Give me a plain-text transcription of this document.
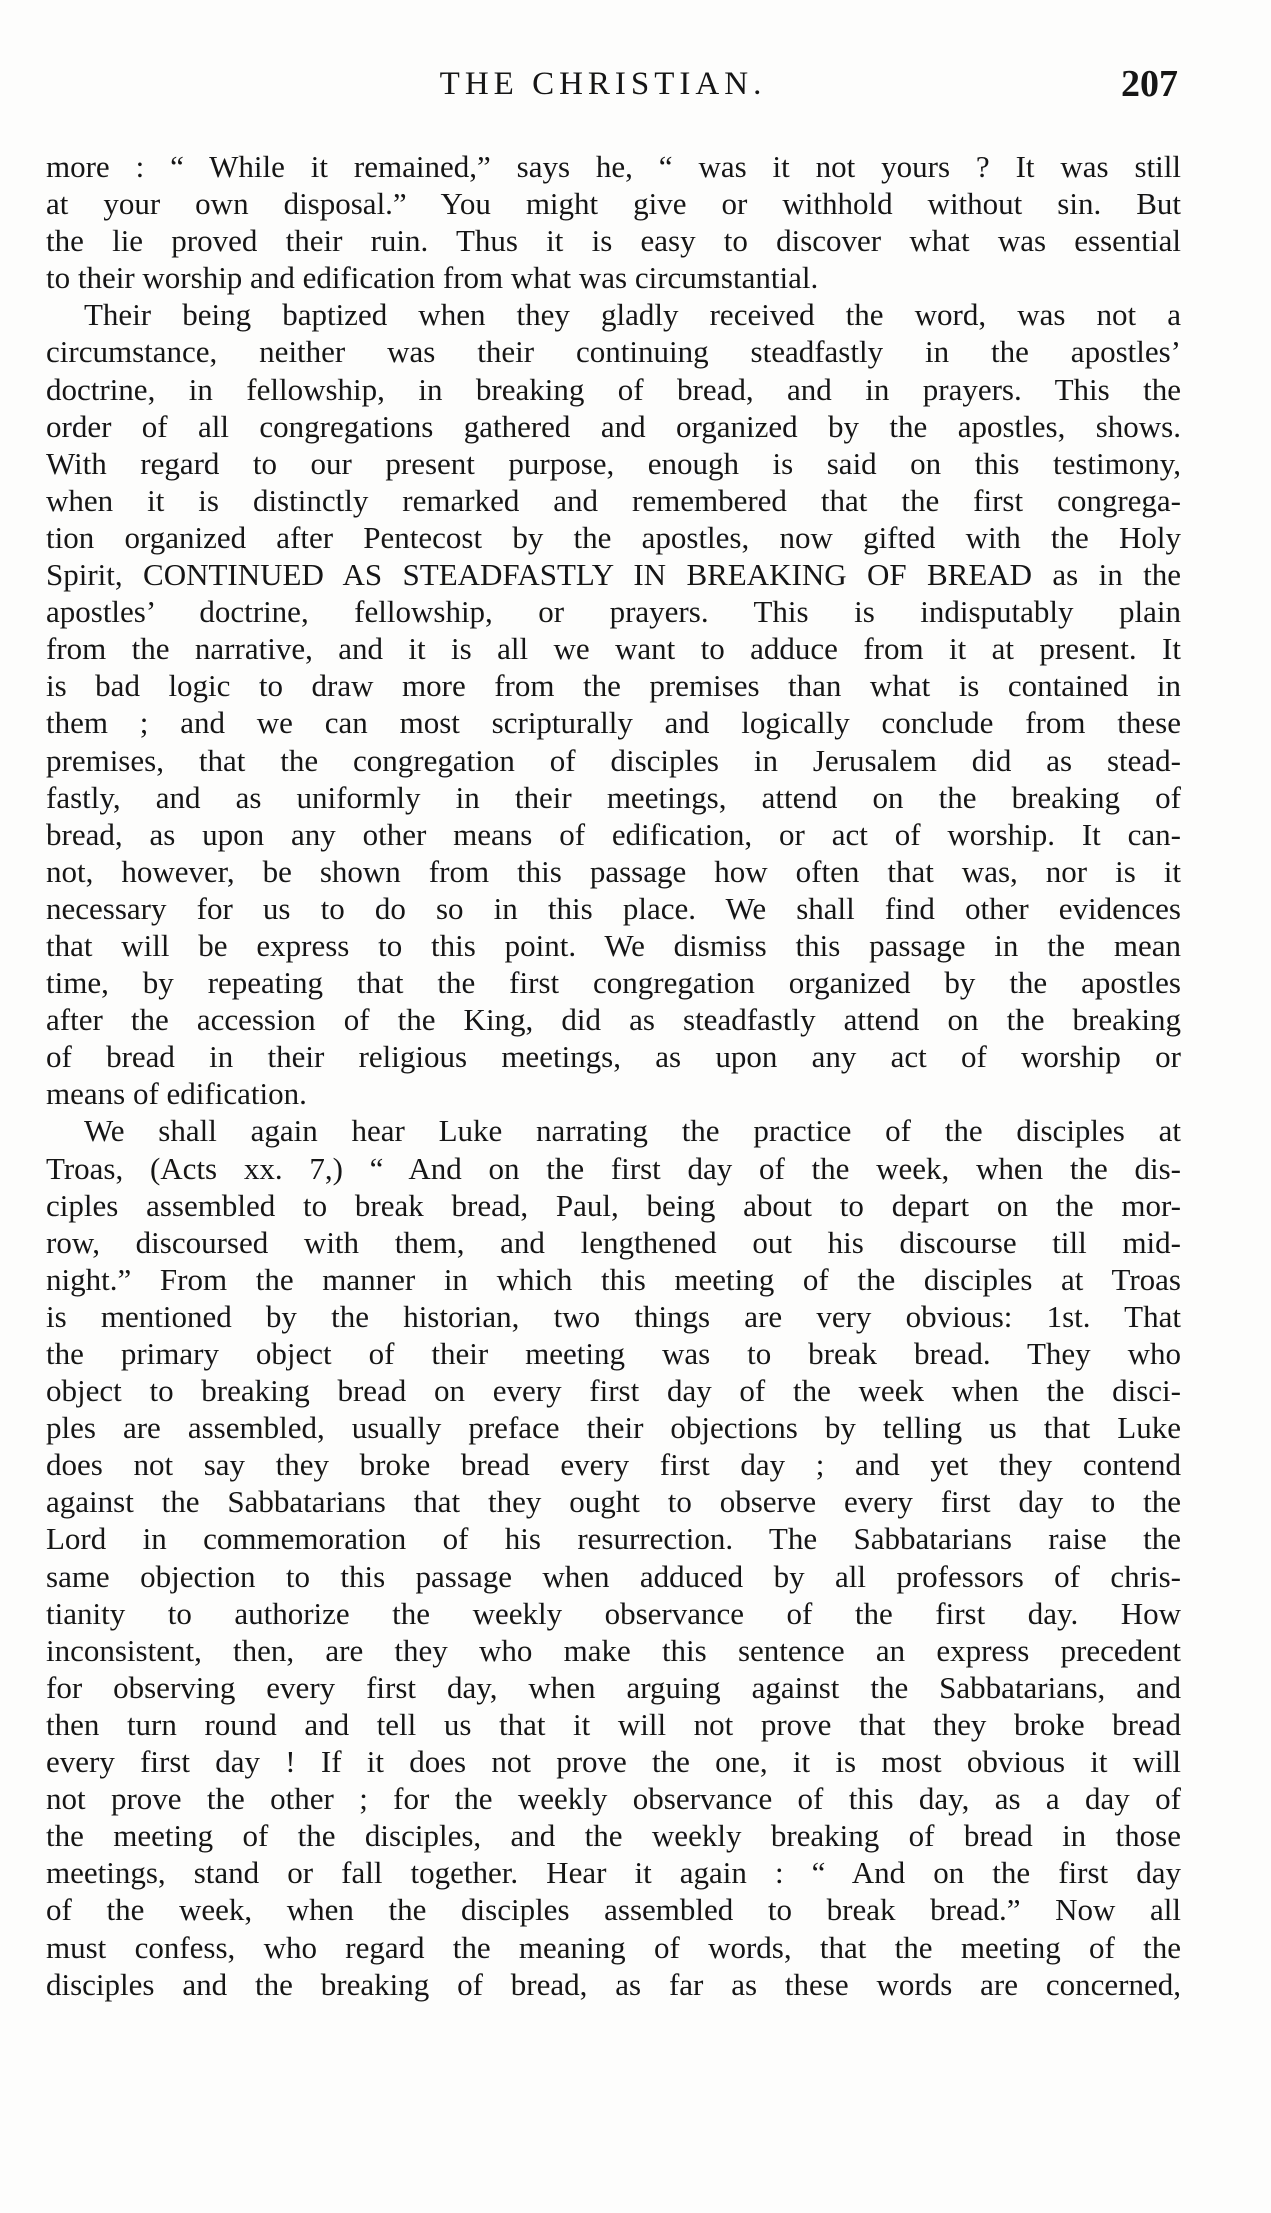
THE CHRISTIAN.	207
more : “ While it remained,” says he, “ was it not yours ? It was still
at your own disposal.” You might give or withhold without sin. But
the lie proved their ruin. Thus it is easy to discover what was essential
to their worship and edification from what was circumstantial.
Their being baptized when they gladly received the word, was not a
circumstance, neither was their continuing steadfastly in the apostles’
doctrine, in fellowship, in breaking of bread, and in prayers. This the
order of all congregations gathered and organized by the apostles, shows.
With regard to our present purpose, enough is said on this testimony,
when it is distinctly remarked and remembered that the first congrega-
tion organized after Pentecost by the apostles, now gifted with the Holy
Spirit, CONTINUED AS STEADFASTLY IN BREAKING OF BREAD as in the
apostles’ doctrine, fellowship, or prayers. This is indisputably plain
from the narrative, and it is all we want to adduce from it at present. It
is bad logic to draw more from the premises than what is contained in
them ; and we can most scripturally and logically conclude from these
premises, that the congregation of disciples in Jerusalem did as stead-
fastly, and as uniformly in their meetings, attend on the breaking of
bread, as upon any other means of edification, or act of worship. It can-
not, however, be shown from this passage how often that was, nor is it
necessary for us to do so in this place. We shall find other evidences
that will be express to this point. We dismiss this passage in the mean
time, by repeating that the first congregation organized by the apostles
after the accession of the King, did as steadfastly attend on the breaking
of bread in their religious meetings, as upon any act of worship or
means of edification.
We shall again hear Luke narrating the practice of the disciples at
Troas, (Acts xx. 7,) “ And on the first day of the week, when the dis-
ciples assembled to break bread, Paul, being about to depart on the mor-
row, discoursed with them, and lengthened out his discourse till mid-
night.” From the manner in which this meeting of the disciples at Troas
is mentioned by the historian, two things are very obvious: 1st. That
the primary object of their meeting was to break bread. They who
object to breaking bread on every first day of the week when the disci-
ples are assembled, usually preface their objections by telling us that Luke
does not say they broke bread every first day ; and yet they contend
against the Sabbatarians that they ought to observe every first day to the
Lord in commemoration of his resurrection. The Sabbatarians raise the
same objection to this passage when adduced by all professors of chris-
tianity to authorize the weekly observance of the first day. How
inconsistent, then, are they who make this sentence an express precedent
for observing every first day, when arguing against the Sabbatarians, and
then turn round and tell us that it will not prove that they broke bread
every first day ! If it does not prove the one, it is most obvious it will
not prove the other ; for the weekly observance of this day, as a day of
the meeting of the disciples, and the weekly breaking of bread in those
meetings, stand or fall together. Hear it again : “ And on the first day
of the week, when the disciples assembled to break bread.” Now all
must confess, who regard the meaning of words, that the meeting of the
disciples and the breaking of bread, as far as these words are concerned,
